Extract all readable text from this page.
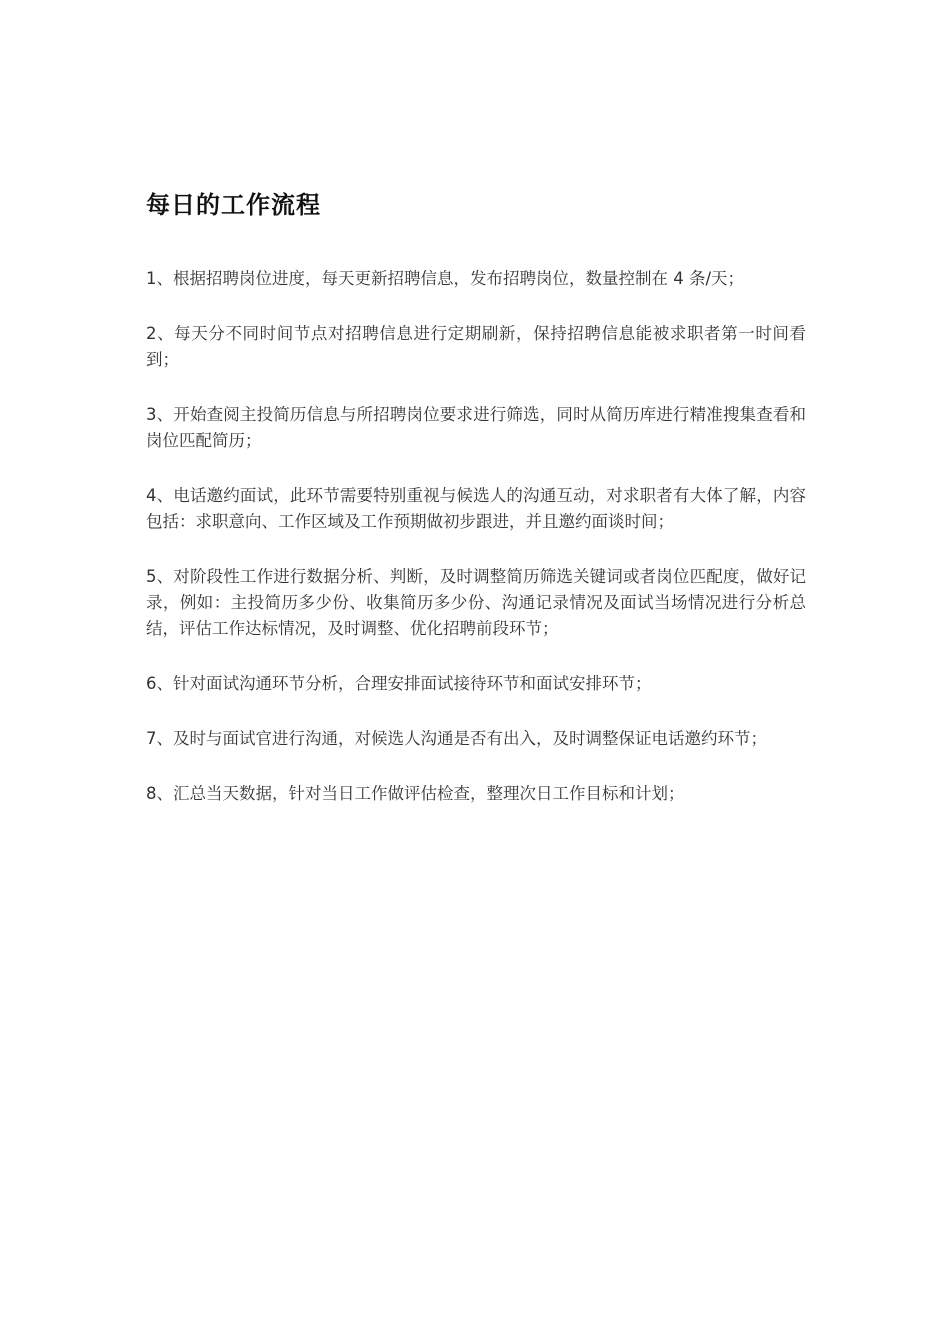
每日的工作流程

1、根据招聘岗位进度，每天更新招聘信息，发布招聘岗位，数量控制在 4 条/天；

2、每天分不同时间节点对招聘信息进行定期刷新，保持招聘信息能被求职者第一时间看到；

3、开始查阅主投简历信息与所招聘岗位要求进行筛选，同时从简历库进行精准搜集查看和岗位匹配简历；

4、电话邀约面试，此环节需要特别重视与候选人的沟通互动，对求职者有大体了解，内容包括：求职意向、工作区域及工作预期做初步跟进，并且邀约面谈时间；

5、对阶段性工作进行数据分析、判断，及时调整简历筛选关键词或者岗位匹配度，做好记录，例如：主投简历多少份、收集简历多少份、沟通记录情况及面试当场情况进行分析总结，评估工作达标情况，及时调整、优化招聘前段环节；

6、针对面试沟通环节分析，合理安排面试接待环节和面试安排环节；

7、及时与面试官进行沟通，对候选人沟通是否有出入，及时调整保证电话邀约环节；

8、汇总当天数据，针对当日工作做评估检查，整理次日工作目标和计划；
